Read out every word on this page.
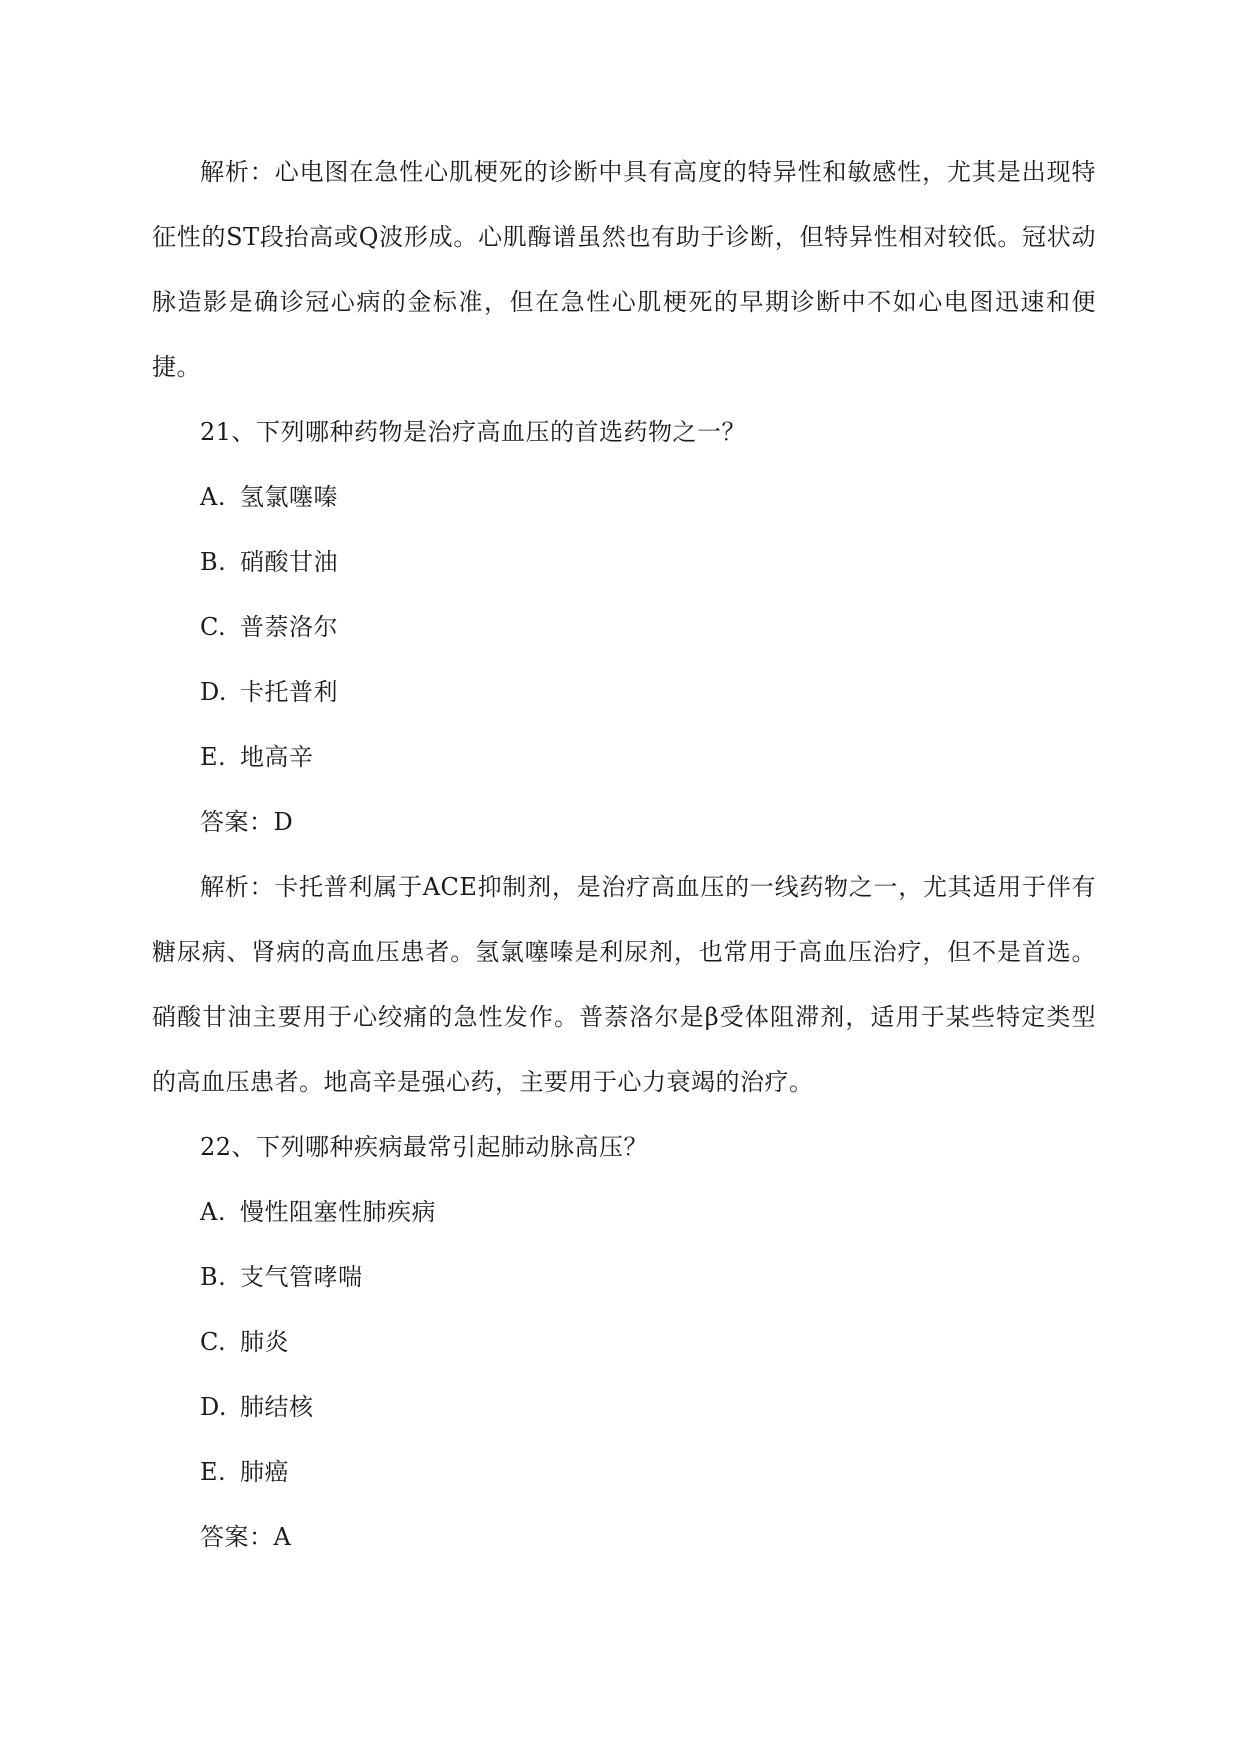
解析：心电图在急性心肌梗死的诊断中具有高度的特异性和敏感性，尤其是出现特征性的ST段抬高或Q波形成。心肌酶谱虽然也有助于诊断，但特异性相对较低。冠状动脉造影是确诊冠心病的金标准，但在急性心肌梗死的早期诊断中不如心电图迅速和便捷。

21、下列哪种药物是治疗高血压的首选药物之一？

A. 氢氯噻嗪

B. 硝酸甘油

C. 普萘洛尔

D. 卡托普利

E. 地高辛

答案：D

解析：卡托普利属于ACE抑制剂，是治疗高血压的一线药物之一，尤其适用于伴有糖尿病、肾病的高血压患者。氢氯噻嗪是利尿剂，也常用于高血压治疗，但不是首选。硝酸甘油主要用于心绞痛的急性发作。普萘洛尔是β受体阻滞剂，适用于某些特定类型的高血压患者。地高辛是强心药，主要用于心力衰竭的治疗。

22、下列哪种疾病最常引起肺动脉高压？

A. 慢性阻塞性肺疾病

B. 支气管哮喘

C. 肺炎

D. 肺结核

E. 肺癌

答案：A
